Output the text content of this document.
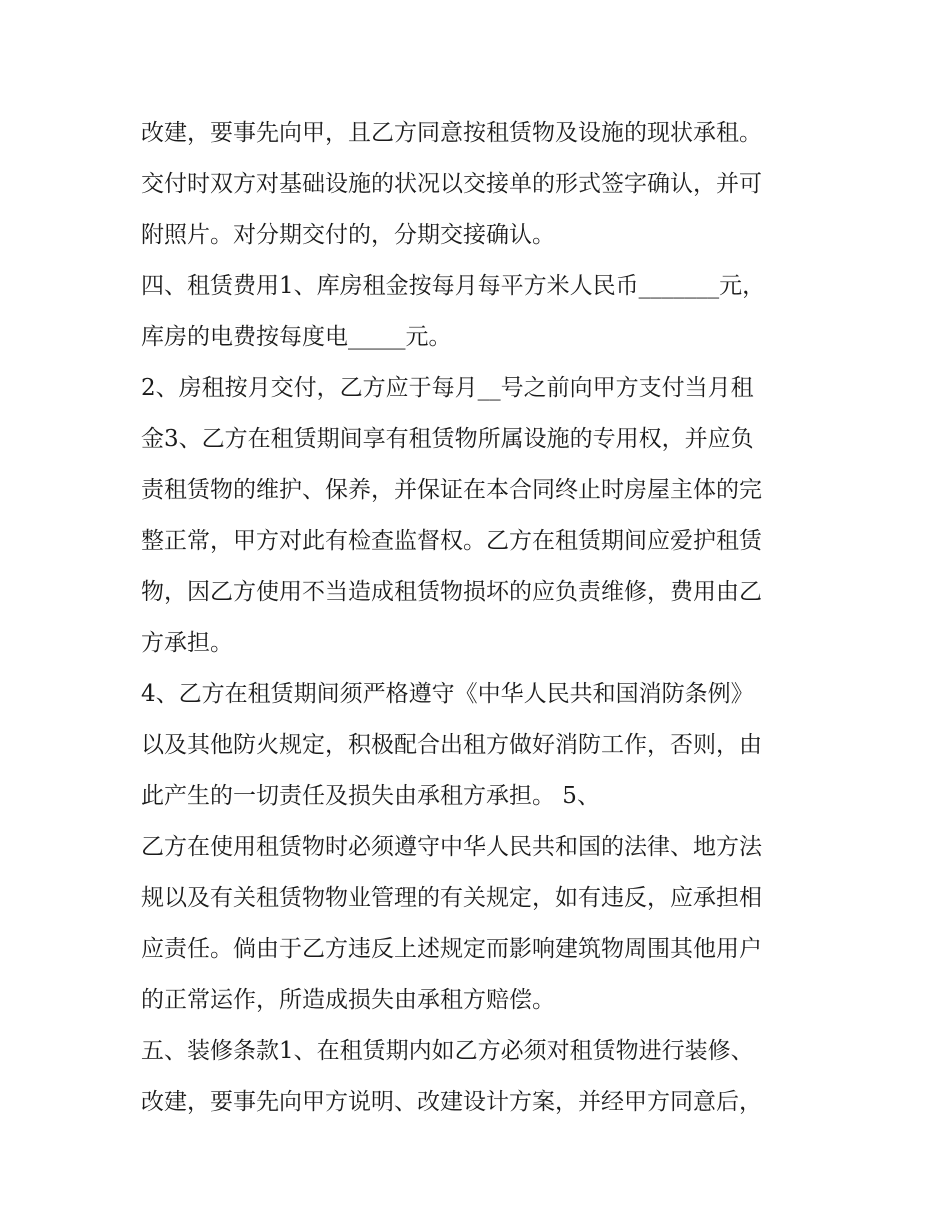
改建，要事先向甲，且乙方同意按租赁物及设施的现状承租。
交付时双方对基础设施的状况以交接单的形式签字确认，并可
附照片。对分期交付的，分期交接确认。
四、租赁费用1、库房租金按每月每平方米人民币_______元，
库房的电费按每度电_____元。
2、房租按月交付，乙方应于每月__号之前向甲方支付当月租
金3、乙方在租赁期间享有租赁物所属设施的专用权，并应负
责租赁物的维护、保养，并保证在本合同终止时房屋主体的完
整正常，甲方对此有检查监督权。乙方在租赁期间应爱护租赁
物，因乙方使用不当造成租赁物损坏的应负责维修，费用由乙
方承担。
4、乙方在租赁期间须严格遵守《中华人民共和国消防条例》
以及其他防火规定，积极配合出租方做好消防工作，否则，由
此产生的一切责任及损失由承租方承担。 5、
乙方在使用租赁物时必须遵守中华人民共和国的法律、地方法
规以及有关租赁物物业管理的有关规定，如有违反，应承担相
应责任。倘由于乙方违反上述规定而影响建筑物周围其他用户
的正常运作，所造成损失由承租方赔偿。
五、装修条款1、在租赁期内如乙方必须对租赁物进行装修、
改建，要事先向甲方说明、改建设计方案，并经甲方同意后，
